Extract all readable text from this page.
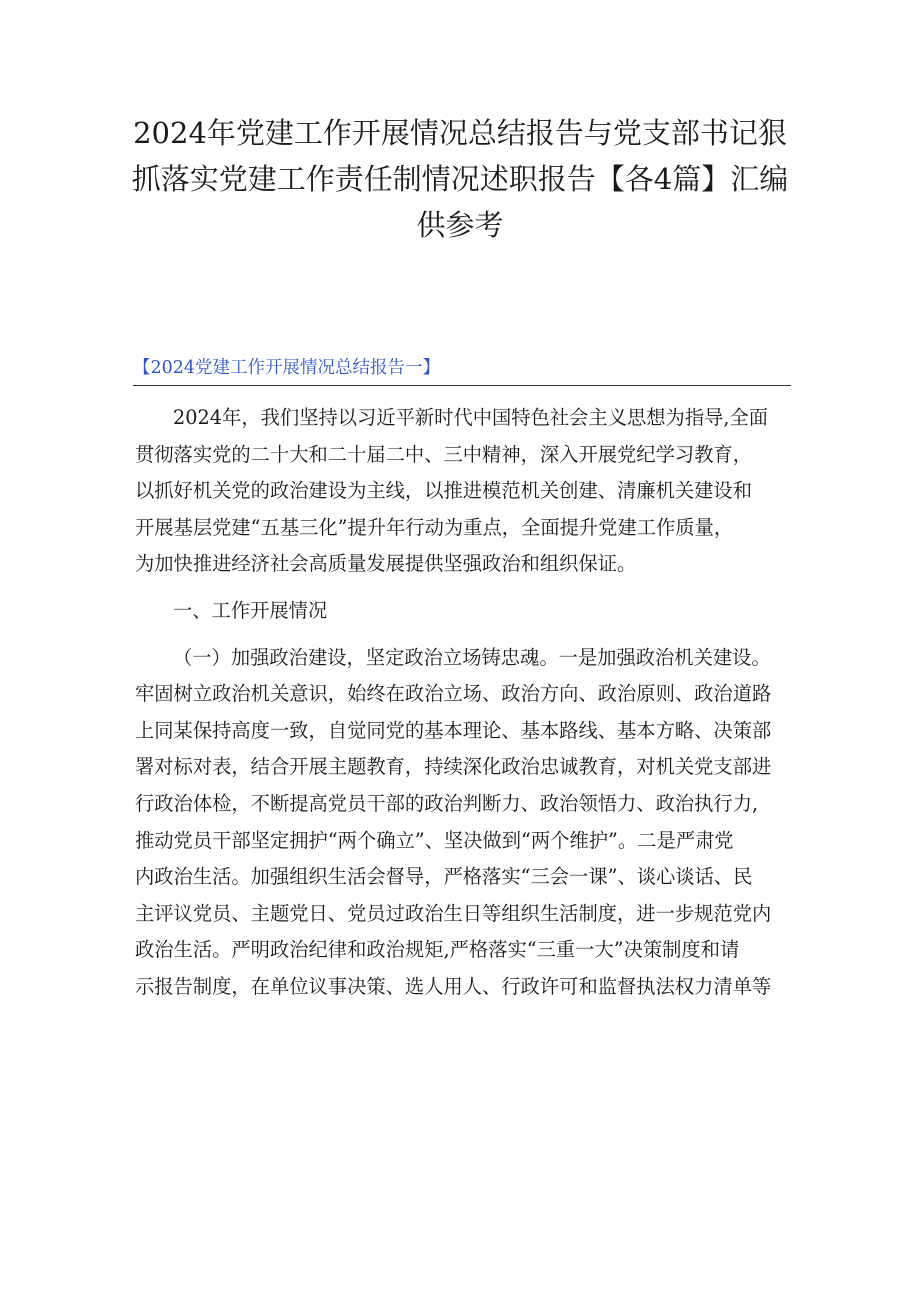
2024年党建工作开展情况总结报告与党支部书记狠
抓落实党建工作责任制情况述职报告【各4篇】汇编
供参考
【2024党建工作开展情况总结报告一】
2024年，我们坚持以习近平新时代中国特色社会主义思想为指导,全面
贯彻落实党的二十大和二十届二中、三中精神，深入开展党纪学习教育，
以抓好机关党的政治建设为主线，以推进模范机关创建、清廉机关建设和
开展基层党建“五基三化”提升年行动为重点，全面提升党建工作质量，
为加快推进经济社会高质量发展提供坚强政治和组织保证。
一、工作开展情况
（一）加强政治建设，坚定政治立场铸忠魂。一是加强政治机关建设。
牢固树立政治机关意识，始终在政治立场、政治方向、政治原则、政治道路
上同某保持高度一致，自觉同党的基本理论、基本路线、基本方略、决策部
署对标对表，结合开展主题教育，持续深化政治忠诚教育，对机关党支部进
行政治体检，不断提高党员干部的政治判断力、政治领悟力、政治执行力,
推动党员干部坚定拥护“两个确立”、坚决做到“两个维护”。二是严肃党
内政治生活。加强组织生活会督导，严格落实“三会一课”、谈心谈话、民
主评议党员、主题党日、党员过政治生日等组织生活制度，进一步规范党内
政治生活。严明政治纪律和政治规矩,严格落实“三重一大”决策制度和请
示报告制度，在单位议事决策、选人用人、行政许可和监督执法权力清单等
